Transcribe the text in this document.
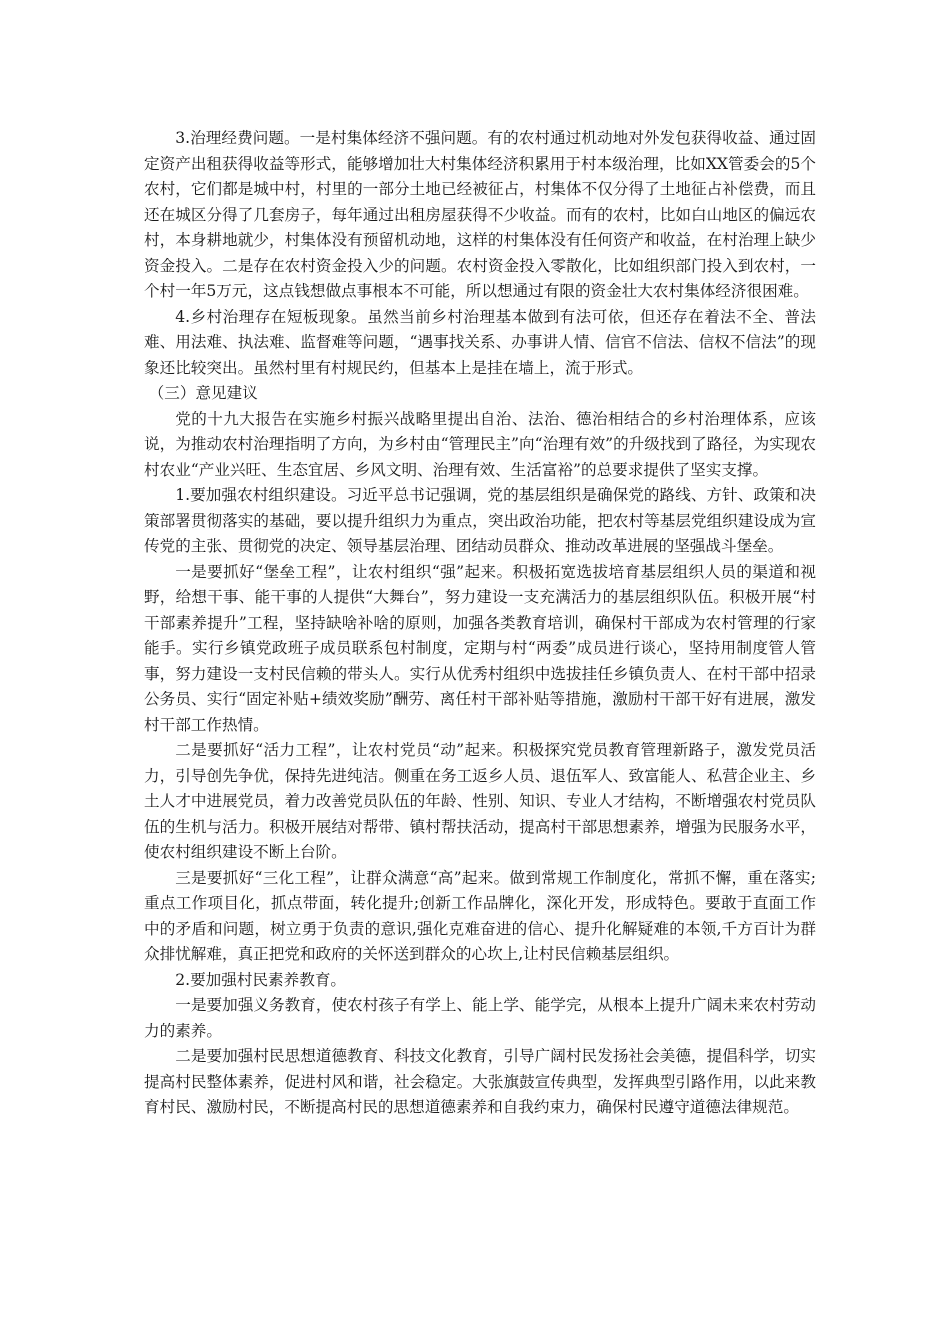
3.治理经费问题。一是村集体经济不强问题。有的农村通过机动地对外发包获得收益、通过固定资产出租获得收益等形式，能够增加壮大村集体经济积累用于村本级治理，比如XX管委会的5个农村，它们都是城中村，村里的一部分土地已经被征占，村集体不仅分得了土地征占补偿费，而且还在城区分得了几套房子，每年通过出租房屋获得不少收益。而有的农村，比如白山地区的偏远农村，本身耕地就少，村集体没有预留机动地，这样的村集体没有任何资产和收益，在村治理上缺少资金投入。二是存在农村资金投入少的问题。农村资金投入零散化，比如组织部门投入到农村，一个村一年5万元，这点钱想做点事根本不可能，所以想通过有限的资金壮大农村集体经济很困难。

4.乡村治理存在短板现象。虽然当前乡村治理基本做到有法可依，但还存在着法不全、普法难、用法难、执法难、监督难等问题，“遇事找关系、办事讲人情、信官不信法、信权不信法”的现象还比较突出。虽然村里有村规民约，但基本上是挂在墙上，流于形式。

（三）意见建议

党的十九大报告在实施乡村振兴战略里提出自治、法治、德治相结合的乡村治理体系，应该说，为推动农村治理指明了方向，为乡村由“管理民主”向“治理有效”的升级找到了路径，为实现农村农业“产业兴旺、生态宜居、乡风文明、治理有效、生活富裕”的总要求提供了坚实支撑。

1.要加强农村组织建设。习近平总书记强调，党的基层组织是确保党的路线、方针、政策和决策部署贯彻落实的基础，要以提升组织力为重点，突出政治功能，把农村等基层党组织建设成为宣传党的主张、贯彻党的决定、领导基层治理、团结动员群众、推动改革进展的坚强战斗堡垒。

一是要抓好“堡垒工程”，让农村组织“强”起来。积极拓宽选拔培育基层组织人员的渠道和视野，给想干事、能干事的人提供“大舞台”，努力建设一支充满活力的基层组织队伍。积极开展“村干部素养提升”工程，坚持缺啥补啥的原则，加强各类教育培训，确保村干部成为农村管理的行家能手。实行乡镇党政班子成员联系包村制度，定期与村“两委”成员进行谈心，坚持用制度管人管事，努力建设一支村民信赖的带头人。实行从优秀村组织中选拔挂任乡镇负责人、在村干部中招录公务员、实行“固定补贴+绩效奖励”酬劳、离任村干部补贴等措施，激励村干部干好有进展，激发村干部工作热情。

二是要抓好“活力工程”，让农村党员“动”起来。积极探究党员教育管理新路子，激发党员活力，引导创先争优，保持先进纯洁。侧重在务工返乡人员、退伍军人、致富能人、私营企业主、乡土人才中进展党员，着力改善党员队伍的年龄、性别、知识、专业人才结构，不断增强农村党员队伍的生机与活力。积极开展结对帮带、镇村帮扶活动，提高村干部思想素养，增强为民服务水平，使农村组织建设不断上台阶。

三是要抓好“三化工程”，让群众满意“高”起来。做到常规工作制度化，常抓不懈，重在落实;重点工作项目化，抓点带面，转化提升;创新工作品牌化，深化开发，形成特色。要敢于直面工作中的矛盾和问题，树立勇于负责的意识,强化克难奋进的信心、提升化解疑难的本领,千方百计为群众排忧解难，真正把党和政府的关怀送到群众的心坎上,让村民信赖基层组织。

2.要加强村民素养教育。

一是要加强义务教育，使农村孩子有学上、能上学、能学完，从根本上提升广阔未来农村劳动力的素养。

二是要加强村民思想道德教育、科技文化教育，引导广阔村民发扬社会美德，提倡科学，切实提高村民整体素养，促进村风和谐，社会稳定。大张旗鼓宣传典型，发挥典型引路作用，以此来教育村民、激励村民，不断提高村民的思想道德素养和自我约束力，确保村民遵守道德法律规范。
